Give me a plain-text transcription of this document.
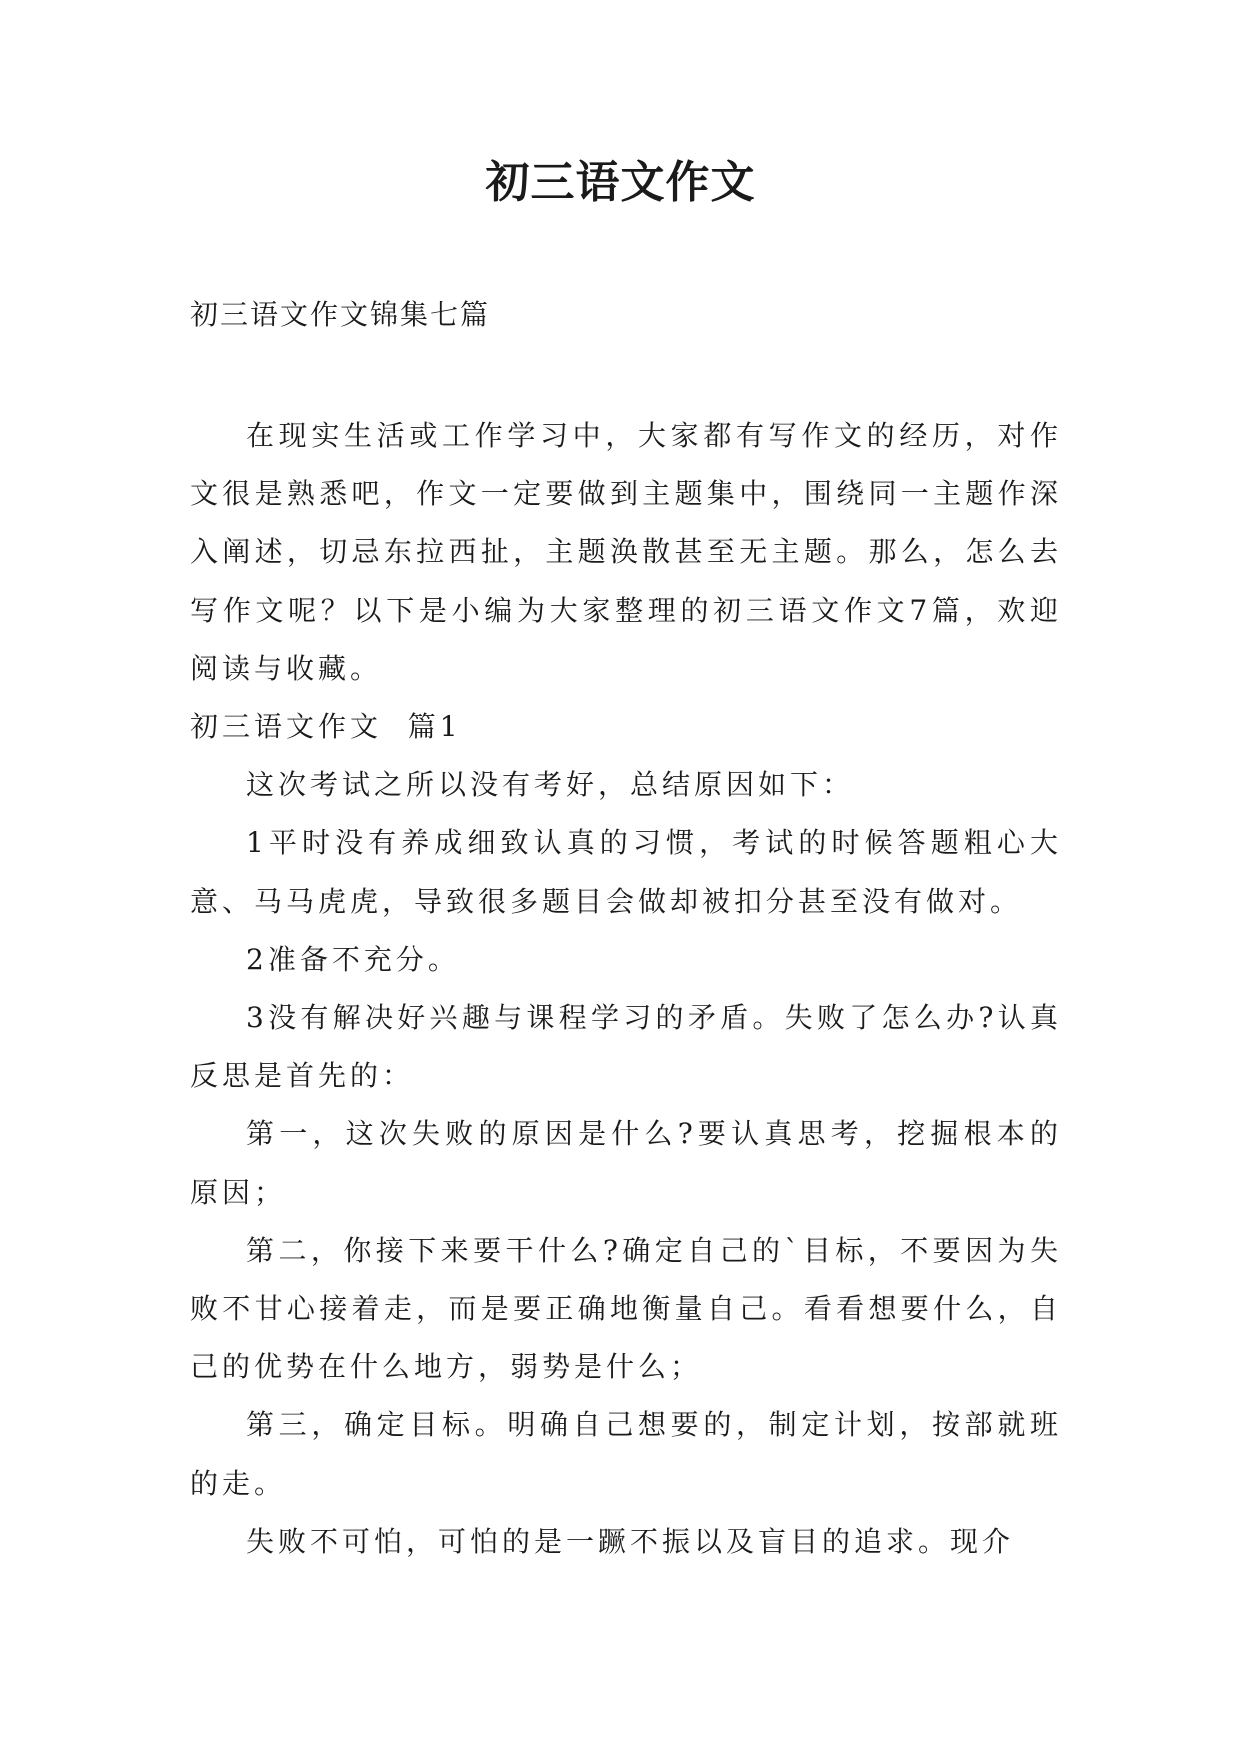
初三语文作文
初三语文作文锦集七篇

在现实生活或工作学习中，大家都有写作文的经历，对作文很是熟悉吧，作文一定要做到主题集中，围绕同一主题作深入阐述，切忌东拉西扯，主题涣散甚至无主题。那么，怎么去写作文呢？以下是小编为大家整理的初三语文作文7篇，欢迎阅读与收藏。

初三语文作文  篇1

这次考试之所以没有考好，总结原因如下：

1平时没有养成细致认真的习惯，考试的时候答题粗心大意、马马虎虎，导致很多题目会做却被扣分甚至没有做对。

2准备不充分。

3没有解决好兴趣与课程学习的矛盾。失败了怎么办?认真反思是首先的：

第一，这次失败的原因是什么?要认真思考，挖掘根本的原因；

第二，你接下来要干什么?确定自己的`目标，不要因为失败不甘心接着走，而是要正确地衡量自己。看看想要什么，自己的优势在什么地方，弱势是什么；

第三，确定目标。明确自己想要的，制定计划，按部就班的走。

失败不可怕，可怕的是一蹶不振以及盲目的追求。现介
